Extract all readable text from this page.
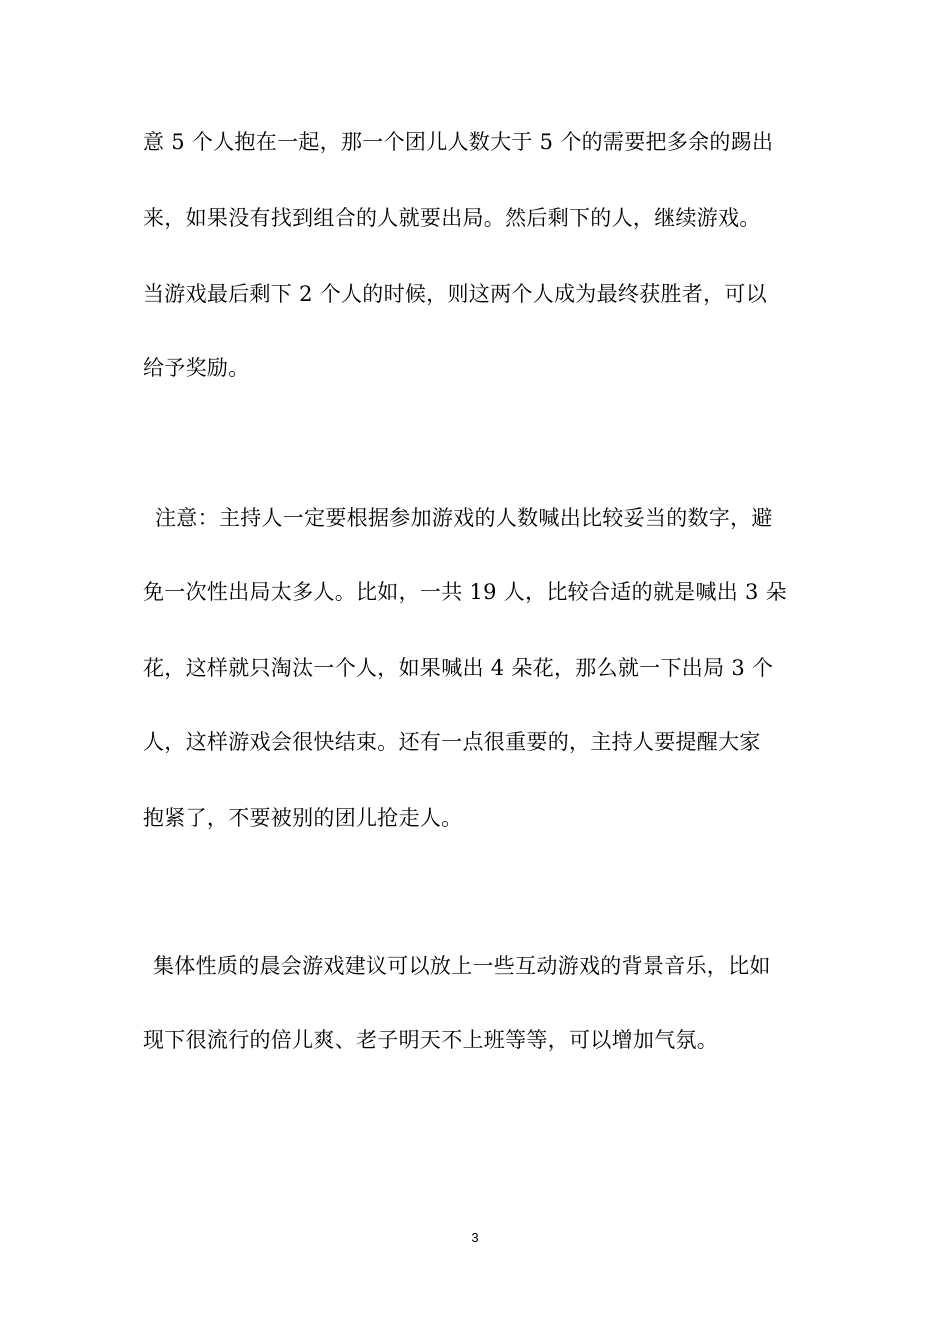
意 5 个人抱在一起，那一个团儿人数大于 5 个的需要把多余的踢出
来，如果没有找到组合的人就要出局。然后剩下的人，继续游戏。
当游戏最后剩下 2 个人的时候，则这两个人成为最终获胜者，可以
给予奖励。
注意：主持人一定要根据参加游戏的人数喊出比较妥当的数字，避
免一次性出局太多人。比如，一共 19 人，比较合适的就是喊出 3 朵
花，这样就只淘汰一个人，如果喊出 4 朵花，那么就一下出局 3 个
人，这样游戏会很快结束。还有一点很重要的，主持人要提醒大家
抱紧了，不要被别的团儿抢走人。
集体性质的晨会游戏建议可以放上一些互动游戏的背景音乐，比如
现下很流行的倍儿爽、老子明天不上班等等，可以增加气氛。
3
